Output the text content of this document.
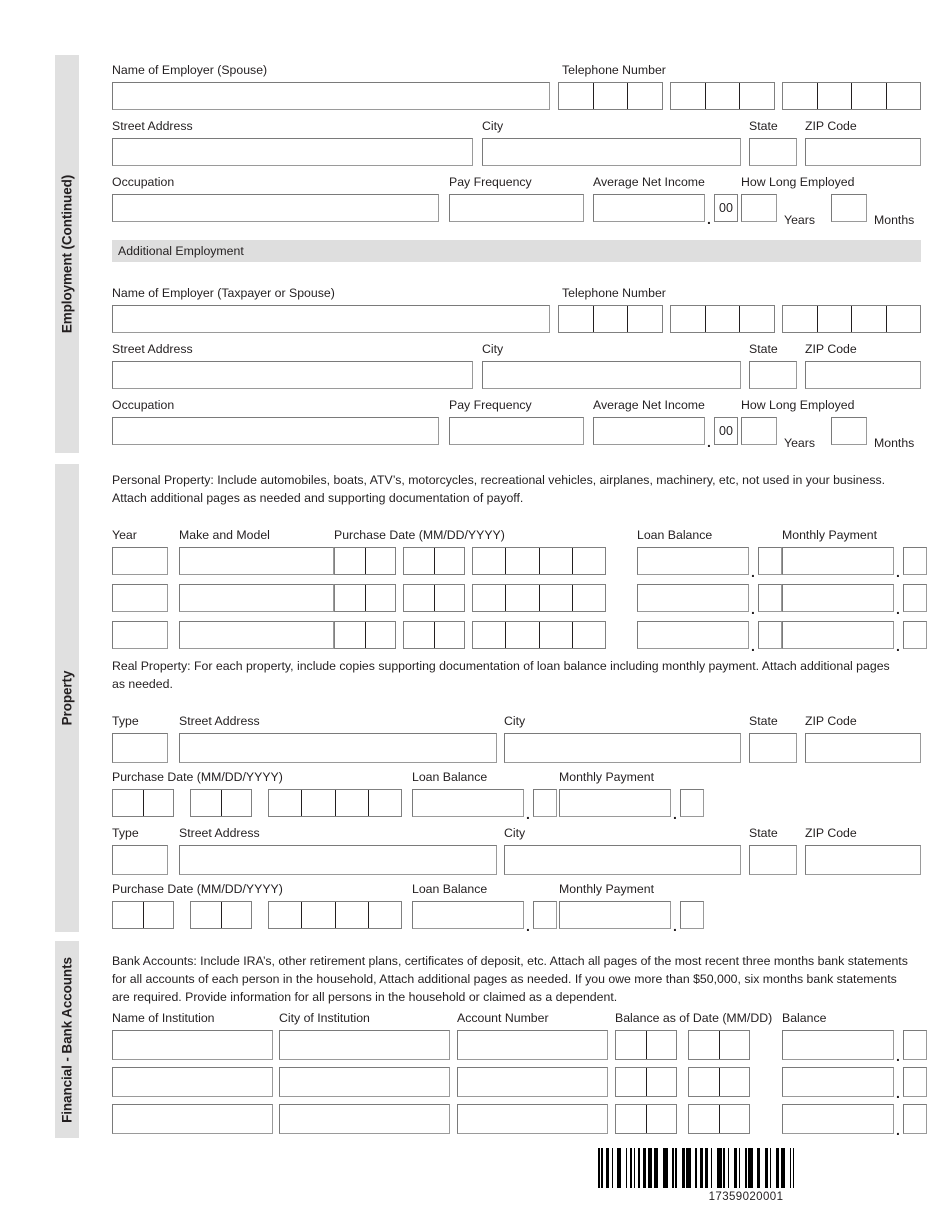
Employment (Continued)
Name of Employer (Spouse)	Telephone Number
Street Address	City	State ZIP Code
Occupation	Pay Frequency	Average Net Income
.
00
How Long Employed
Years	Months
Additional Employment
Name of Employer (Taxpayer or Spouse)	Telephone Number
Street Address	City	State ZIP Code
Occupation	Pay Frequency	Average Net Income
.
00
How Long Employed
Years	Months
Property
Personal Property: Include automobiles, boats, ATV’s, motorcycles, recreational vehicles, airplanes, machinery, etc, not used in your business.
Attach additional pages as needed and supporting documentation of payoff.
Year	Make and Model	Purchase Date (MM/DD/YYYY)	Loan Balance	Monthly Payment
.	.
.	.
.	.
Real Property: For each property, include copies supporting documentation of loan balance including monthly payment. Attach additional pages
as needed.
Type	Street Address	City	State ZIP Code
Purchase Date (MM/DD/YYYY)	Loan Balance	Monthly Payment
.	.
Type	Street Address	City	State ZIP Code
Purchase Date (MM/DD/YYYY)	Loan Balance	Monthly Payment
.	.
Financial - Bank Accounts	Bank Accounts: Include IRA’s, other retirement plans, certificates of deposit, etc. Attach all pages of the most recent three months bank statements
for all accounts of each person in the household, Attach additional pages as needed. If you owe more than $50,000, six months bank statements
are required. Provide information for all persons in the household or claimed as a dependent.
Name of Institution	City of Institution	Account Number	Balance as of Date (MM/DD) Balance
.
.
.
17359020001
